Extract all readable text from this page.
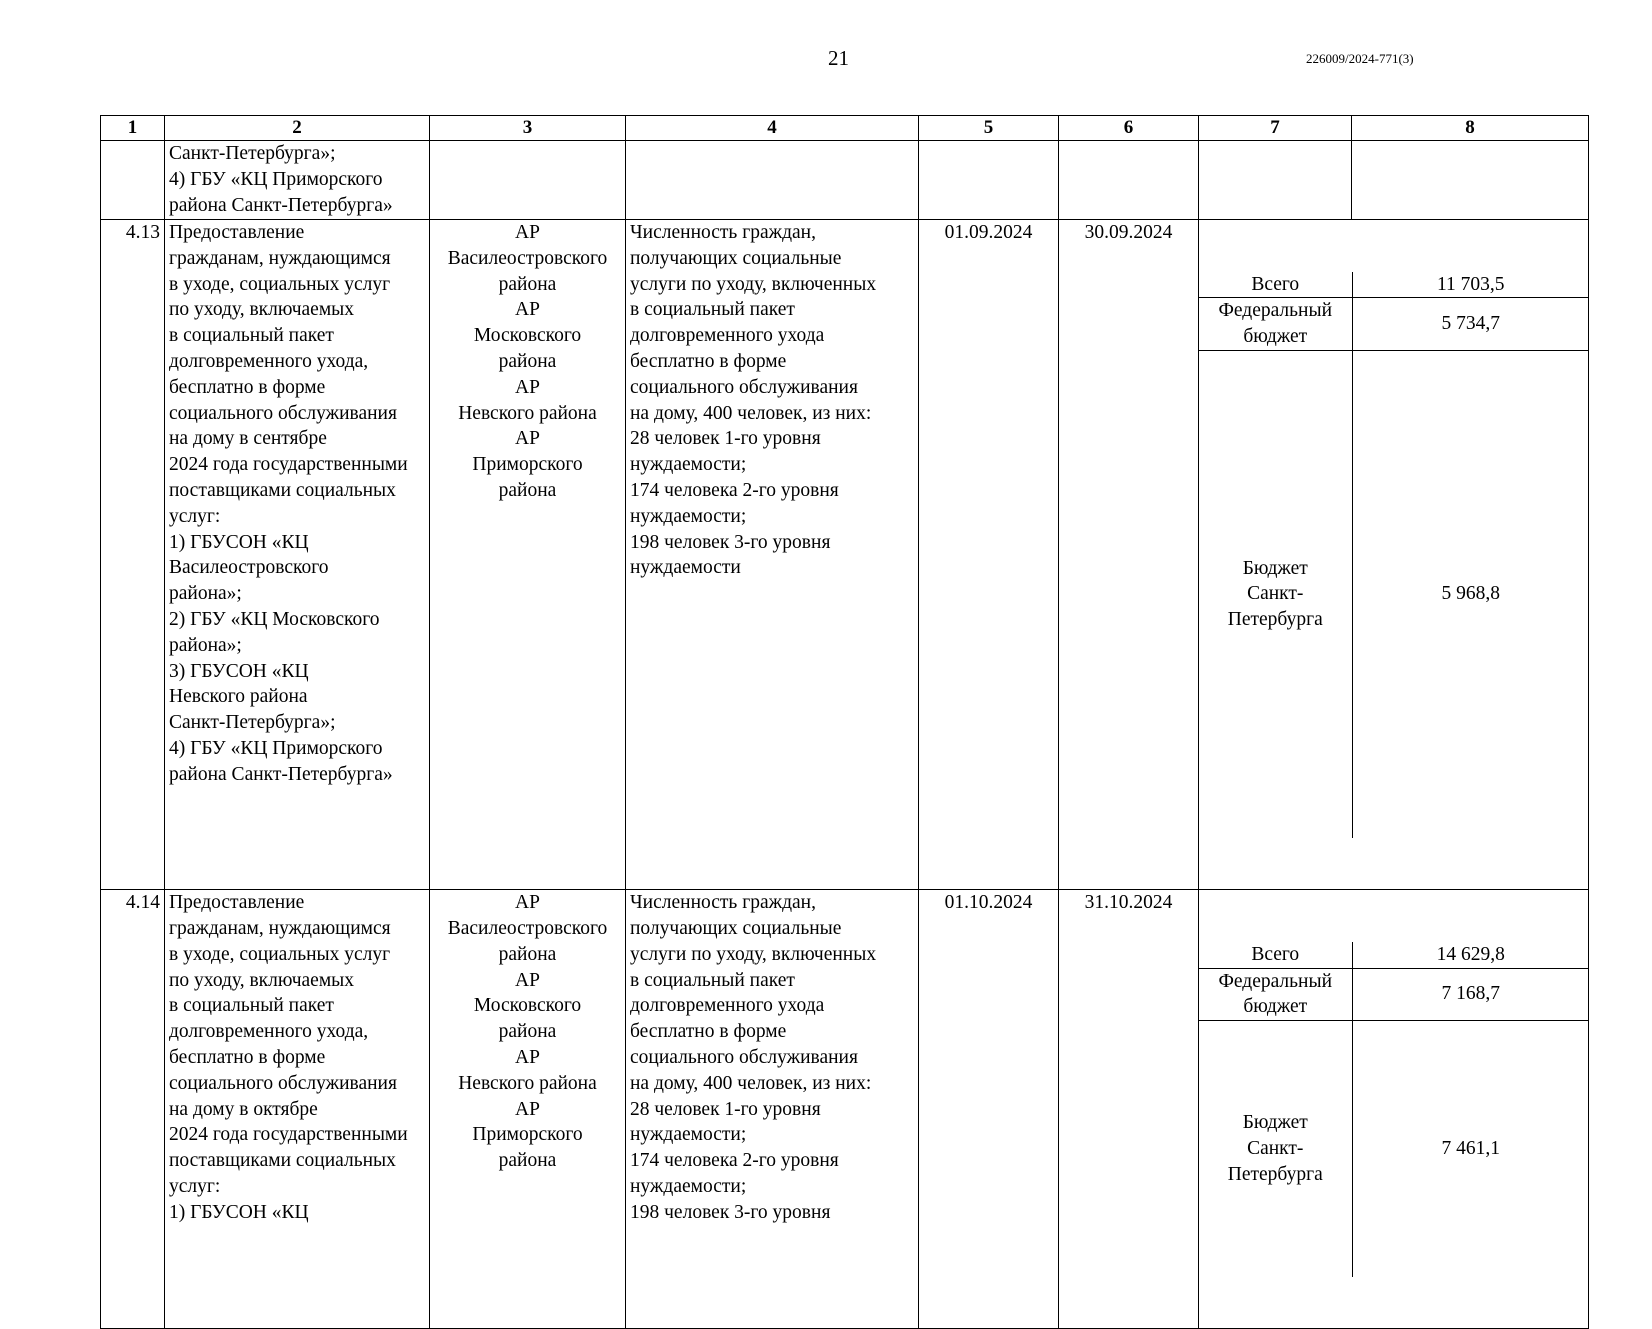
21	226009/2024-771(3)
1	2	3	4	5	6	7	8
	Санкт-Петербурга»;
4) ГБУ «КЦ Приморского
района Санкт-Петербурга»						
4.13	Предоставление
гражданам, нуждающимся
в уходе, социальных услуг
по уходу, включаемых
в социальный пакет
долговременного ухода,
бесплатно в форме
социального обслуживания
на дому в сентябре
2024 года государственными
поставщиками социальных
услуг:
1) ГБУСОН «КЦ
Василеостровского
района»;
2) ГБУ «КЦ Московского
района»;
3) ГБУСОН «КЦ
Невского района
Санкт-Петербурга»;
4) ГБУ «КЦ Приморского
района Санкт-Петербурга»	АР
Василеостровского
района
АР
Московского
района
АР
Невского района
АР
Приморского
района	Численность граждан,
получающих социальные
услуги по уходу, включенных
в социальный пакет
долговременного ухода
бесплатно в форме
социального обслуживания
на дому, 400 человек, из них:
28 человек 1-го уровня
нуждаемости;
174 человека 2-го уровня
нуждаемости;
198 человек 3-го уровня
нуждаемости	01.09.2024	30.09.2024	

Всего	11 703,5
Федеральный
бюджет	5 734,7
Бюджет
Санкт-
Петербурга	5 968,8

4.14	Предоставление
гражданам, нуждающимся
в уходе, социальных услуг
по уходу, включаемых
в социальный пакет
долговременного ухода,
бесплатно в форме
социального обслуживания
на дому в октябре
2024 года государственными
поставщиками социальных
услуг:
1) ГБУСОН «КЦ	АР
Василеостровского
района
АР
Московского
района
АР
Невского района
АР
Приморского
района	Численность граждан,
получающих социальные
услуги по уходу, включенных
в социальный пакет
долговременного ухода
бесплатно в форме
социального обслуживания
на дому, 400 человек, из них:
28 человек 1-го уровня
нуждаемости;
174 человека 2-го уровня
нуждаемости;
198 человек 3-го уровня	01.10.2024	31.10.2024	

Всего	14 629,8
Федеральный
бюджет	7 168,7
Бюджет
Санкт-
Петербурга	7 461,1
